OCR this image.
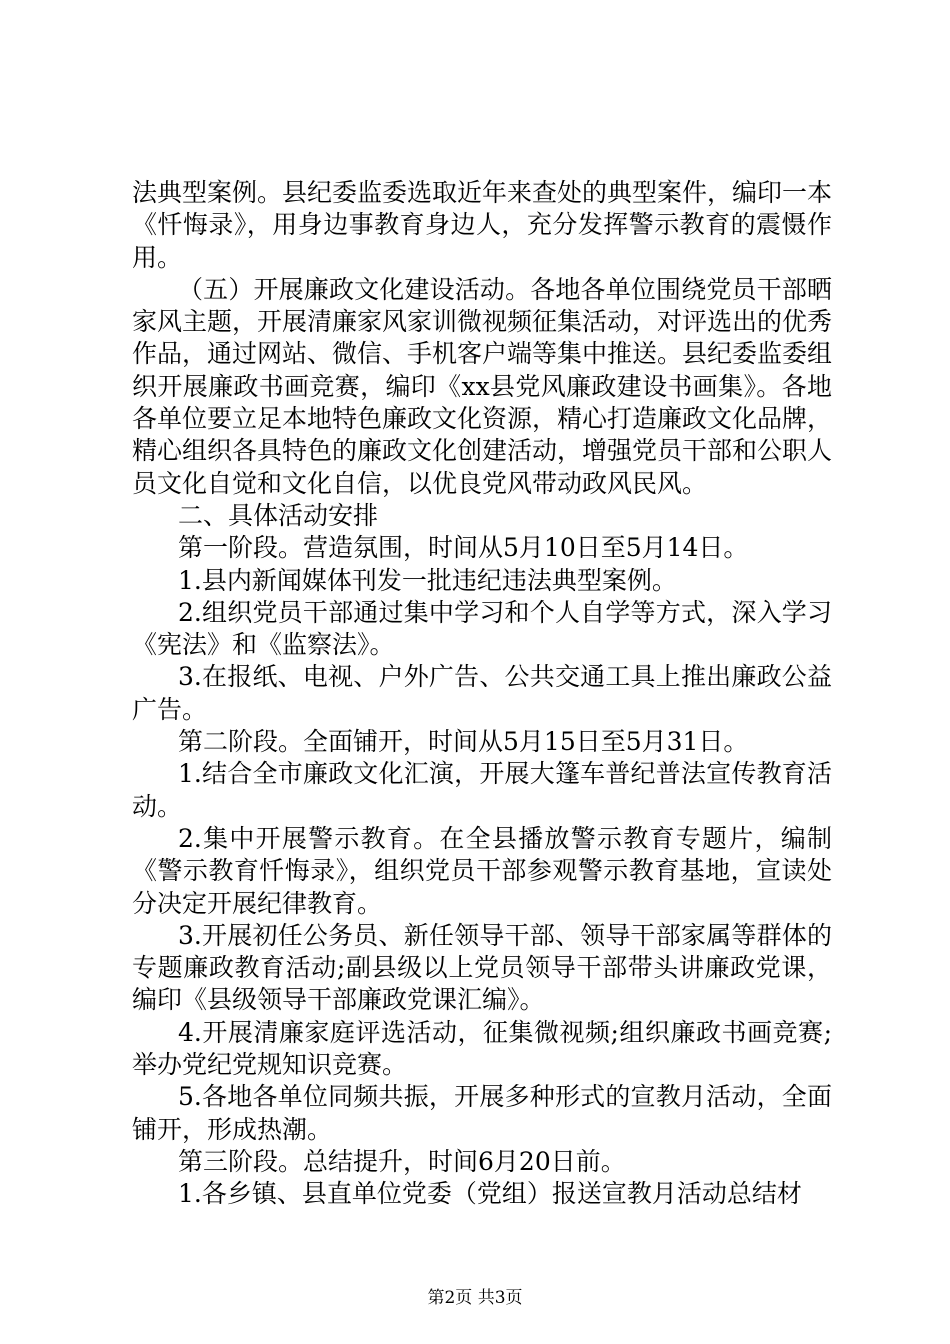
法典型案例。县纪委监委选取近年来查处的典型案件，编印一本《忏悔录》，用身边事教育身边人，充分发挥警示教育的震慑作用。

（五）开展廉政文化建设活动。各地各单位围绕党员干部晒家风主题，开展清廉家风家训微视频征集活动，对评选出的优秀作品，通过网站、微信、手机客户端等集中推送。县纪委监委组织开展廉政书画竞赛，编印《xx县党风廉政建设书画集》。各地各单位要立足本地特色廉政文化资源，精心打造廉政文化品牌，精心组织各具特色的廉政文化创建活动，增强党员干部和公职人员文化自觉和文化自信，以优良党风带动政风民风。

二、具体活动安排

第一阶段。营造氛围，时间从5月10日至5月14日。

1.县内新闻媒体刊发一批违纪违法典型案例。

2.组织党员干部通过集中学习和个人自学等方式，深入学习《宪法》和《监察法》。

3.在报纸、电视、户外广告、公共交通工具上推出廉政公益广告。

第二阶段。全面铺开，时间从5月15日至5月31日。

1.结合全市廉政文化汇演，开展大篷车普纪普法宣传教育活动。

2.集中开展警示教育。在全县播放警示教育专题片，编制《警示教育忏悔录》，组织党员干部参观警示教育基地，宣读处分决定开展纪律教育。

3.开展初任公务员、新任领导干部、领导干部家属等群体的专题廉政教育活动;副县级以上党员领导干部带头讲廉政党课，编印《县级领导干部廉政党课汇编》。

4.开展清廉家庭评选活动，征集微视频;组织廉政书画竞赛;举办党纪党规知识竞赛。

5.各地各单位同频共振，开展多种形式的宣教月活动，全面铺开，形成热潮。

第三阶段。总结提升，时间6月20日前。

1.各乡镇、县直单位党委（党组）报送宣教月活动总结材

第2页 共3页
